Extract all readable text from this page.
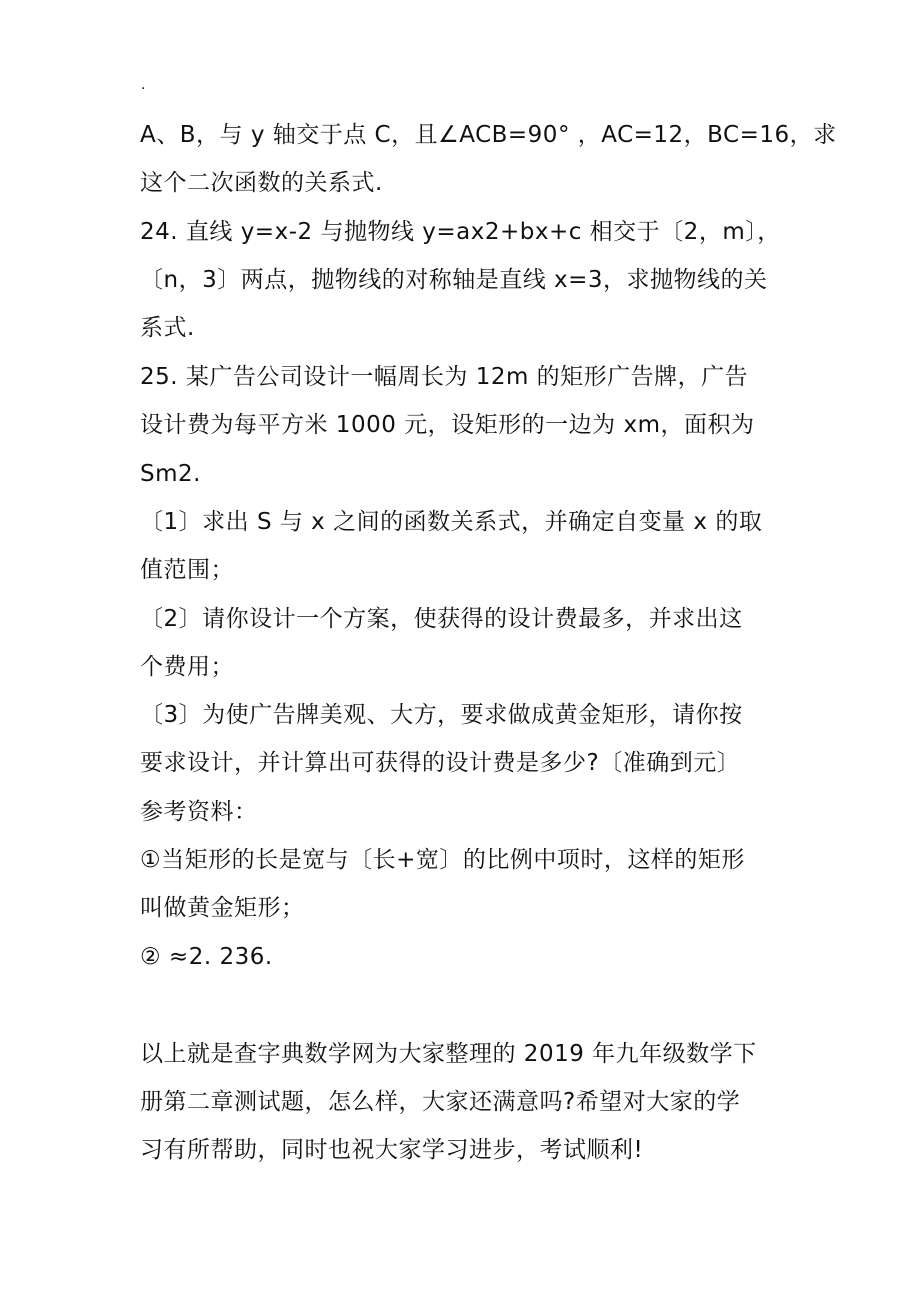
.
A、B，与 y 轴交于点 C，且∠ACB=90° ，AC=12，BC=16，求
这个二次函数的关系式.
24. 直线 y=x-2 与抛物线 y=ax2+bx+c 相交于〔2，m〕，
〔n，3〕两点，抛物线的对称轴是直线 x=3，求抛物线的关
系式.
25. 某广告公司设计一幅周长为 12m 的矩形广告牌，广告
设计费为每平方米 1000 元，设矩形的一边为 xm，面积为
Sm2.
〔1〕求出 S 与 x 之间的函数关系式，并确定自变量 x 的取
值范围；
〔2〕请你设计一个方案，使获得的设计费最多，并求出这
个费用；
〔3〕为使广告牌美观、大方，要求做成黄金矩形，请你按
要求设计，并计算出可获得的设计费是多少?〔准确到元〕
参考资料：
①当矩形的长是宽与〔长+宽〕的比例中项时，这样的矩形
叫做黄金矩形；
② ≈2. 236.
以上就是查字典数学网为大家整理的 2019 年九年级数学下
册第二章测试题，怎么样，大家还满意吗?希望对大家的学
习有所帮助，同时也祝大家学习进步，考试顺利!
